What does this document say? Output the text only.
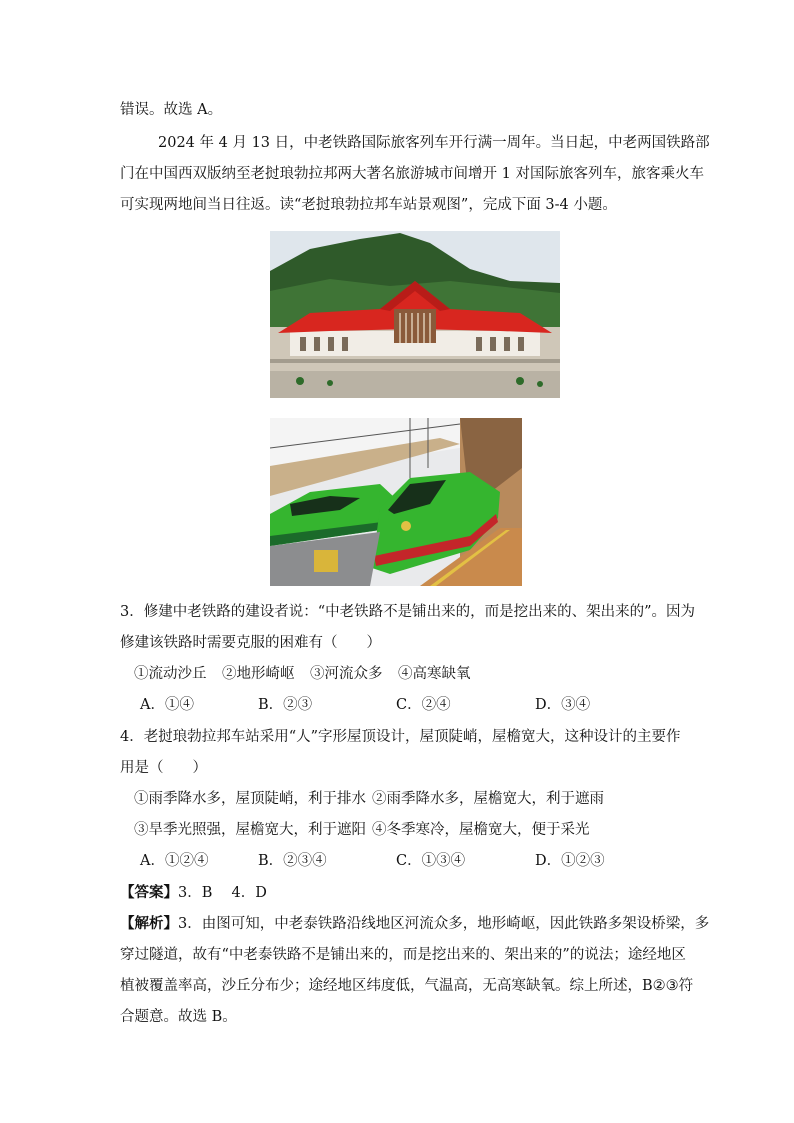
错误。故选 A。
2024 年 4 月 13 日，中老铁路国际旅客列车开行满一周年。当日起，中老两国铁路部
门在中国西双版纳至老挝琅勃拉邦两大著名旅游城市间增开 1 对国际旅客列车，旅客乘火车
可实现两地间当日往返。读“老挝琅勃拉邦车站景观图”，完成下面 3-4 小题。
3．修建中老铁路的建设者说：“中老铁路不是铺出来的，而是挖出来的、架出来的”。因为
修建该铁路时需要克服的困难有（　　）
①流动沙丘 ②地形崎岖 ③河流众多 ④高寒缺氧
A．①④	B．②③	C．②④	D．③④
4．老挝琅勃拉邦车站采用“人”字形屋顶设计，屋顶陡峭，屋檐宽大，这种设计的主要作
用是（　　）
①雨季降水多，屋顶陡峭，利于排水 ②雨季降水多，屋檐宽大，利于遮雨
③旱季光照强，屋檐宽大，利于遮阳 ④冬季寒冷，屋檐宽大，便于采光
A．①②④	B．②③④	C．①③④	D．①②③
【答案】3．B　 4．D
【解析】3．由图可知，中老泰铁路沿线地区河流众多，地形崎岖，因此铁路多架设桥梁，多
穿过隧道，故有“中老泰铁路不是铺出来的，而是挖出来的、架出来的”的说法；途经地区
植被覆盖率高，沙丘分布少；途经地区纬度低，气温高，无高寒缺氧。综上所述，B②③符
合题意。故选 B。
